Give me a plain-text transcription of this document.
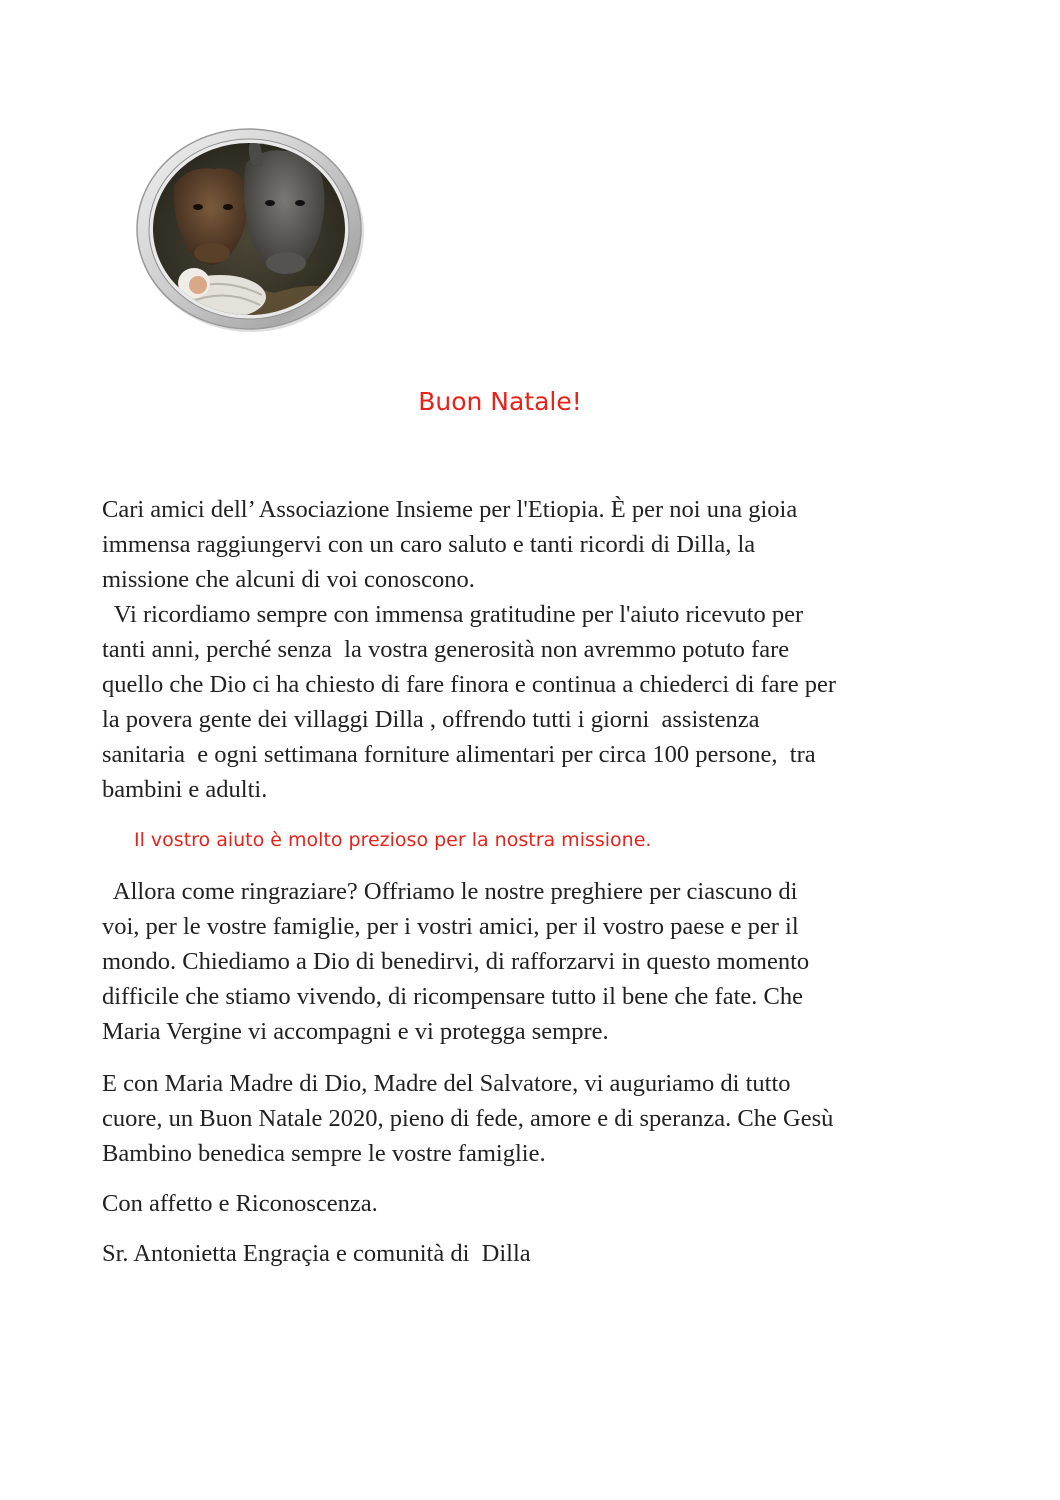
Buon Natale!
Cari amici dell’ Associazione Insieme per l'Etiopia. È per noi una gioia
immensa raggiungervi con un caro saluto e tanti ricordi di Dilla, la
missione che alcuni di voi conoscono.
Vi ricordiamo sempre con immensa gratitudine per l'aiuto ricevuto per
tanti anni, perché senza  la vostra generosità non avremmo potuto fare
quello che Dio ci ha chiesto di fare finora e continua a chiederci di fare per
la povera gente dei villaggi Dilla , offrendo tutti i giorni  assistenza
sanitaria  e ogni settimana forniture alimentari per circa 100 persone,  tra
bambini e adulti.
Il vostro aiuto è molto prezioso per la nostra missione.
Allora come ringraziare? Offriamo le nostre preghiere per ciascuno di
voi, per le vostre famiglie, per i vostri amici, per il vostro paese e per il
mondo. Chiediamo a Dio di benedirvi, di rafforzarvi in questo momento
difficile che stiamo vivendo, di ricompensare tutto il bene che fate. Che
Maria Vergine vi accompagni e vi protegga sempre.
E con Maria Madre di Dio, Madre del Salvatore, vi auguriamo di tutto
cuore, un Buon Natale 2020, pieno di fede, amore e di speranza. Che Gesù
Bambino benedica sempre le vostre famiglie.
Con affetto e Riconoscenza.
Sr. Antonietta Engraçia e comunità di  Dilla
